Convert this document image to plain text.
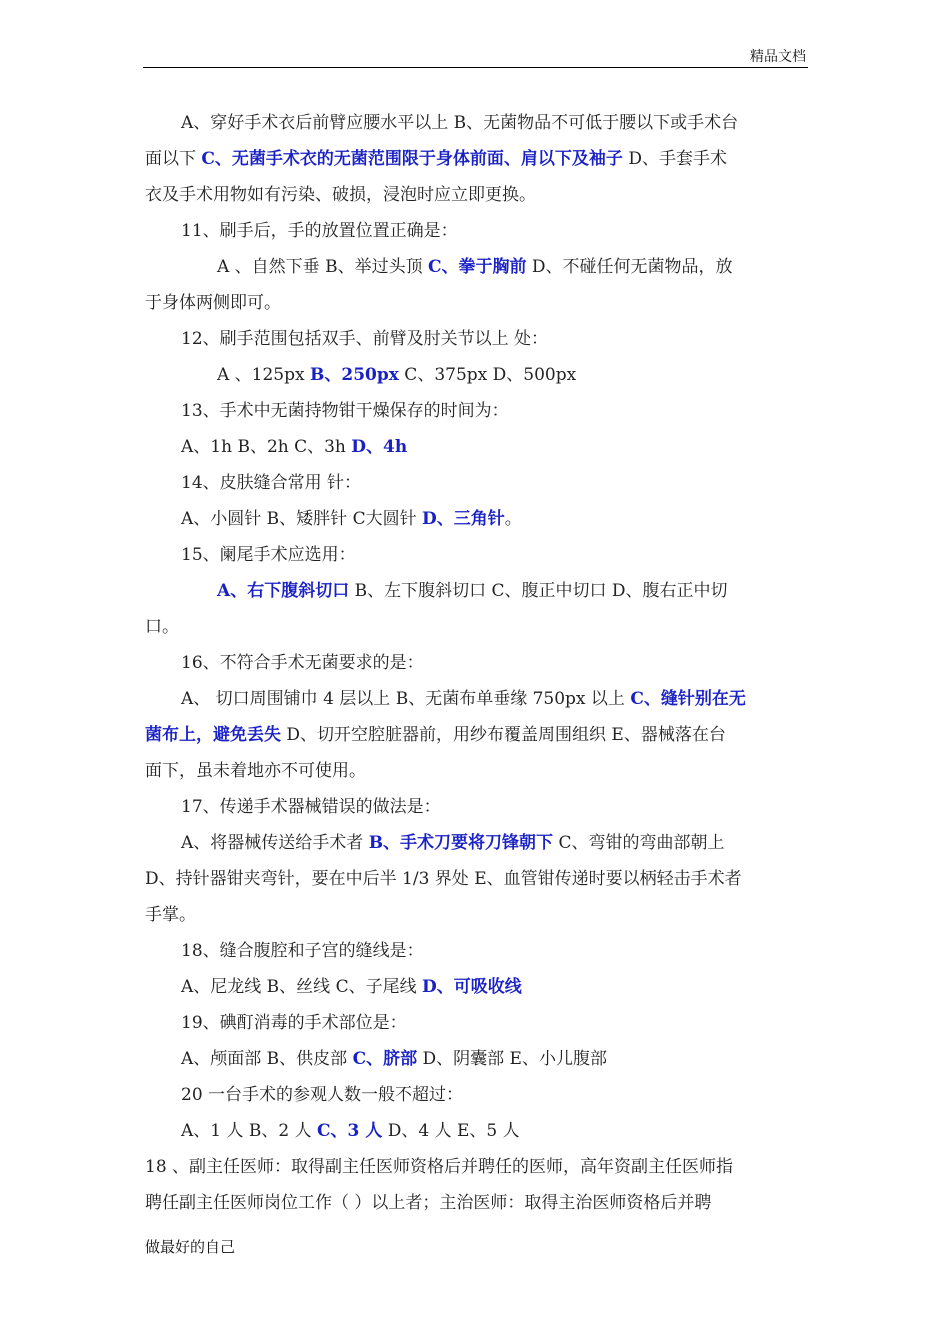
精品文档
A、穿好手术衣后前臂应腰水平以上 B、无菌物品不可低于腰以下或手术台
面以下 C、无菌手术衣的无菌范围限于身体前面、肩以下及袖子 D、手套手术
衣及手术用物如有污染、破损，浸泡时应立即更换。
11、刷手后，手的放置位置正确是：
A 、自然下垂 B、举过头顶 C、拳于胸前 D、不碰任何无菌物品，放
于身体两侧即可。
12、刷手范围包括双手、前臂及肘关节以上 处：
A 、125px B、250px C、375px D、500px
13、手术中无菌持物钳干燥保存的时间为：
A、1h B、2h C、3h D、4h
14、皮肤缝合常用 针：
A、小圆针 B、矮胖针 C大圆针 D、三角针。
15、阑尾手术应选用：
A、右下腹斜切口 B、左下腹斜切口 C、腹正中切口 D、腹右正中切
口。
16、不符合手术无菌要求的是：
A、 切口周围铺巾 4 层以上 B、无菌布单垂缘 750px 以上 C、缝针别在无
菌布上，避免丢失 D、切开空腔脏器前，用纱布覆盖周围组织 E、器械落在台
面下，虽未着地亦不可使用。
17、传递手术器械错误的做法是：
A、将器械传送给手术者 B、手术刀要将刀锋朝下 C、弯钳的弯曲部朝上
D、持针器钳夹弯针，要在中后半 1/3 界处 E、血管钳传递时要以柄轻击手术者
手掌。
18、缝合腹腔和子宫的缝线是：
A、尼龙线 B、丝线 C、子尾线 D、可吸收线
19、碘酊消毒的手术部位是：
A、颅面部 B、供皮部 C、脐部 D、阴囊部 E、小儿腹部
20 一台手术的参观人数一般不超过：
A、1 人 B、2 人 C、3 人 D、4 人 E、5 人
18 、副主任医师：取得副主任医师资格后并聘任的医师，高年资副主任医师指
聘任副主任医师岗位工作（ ）以上者；主治医师：取得主治医师资格后并聘
做最好的自己
